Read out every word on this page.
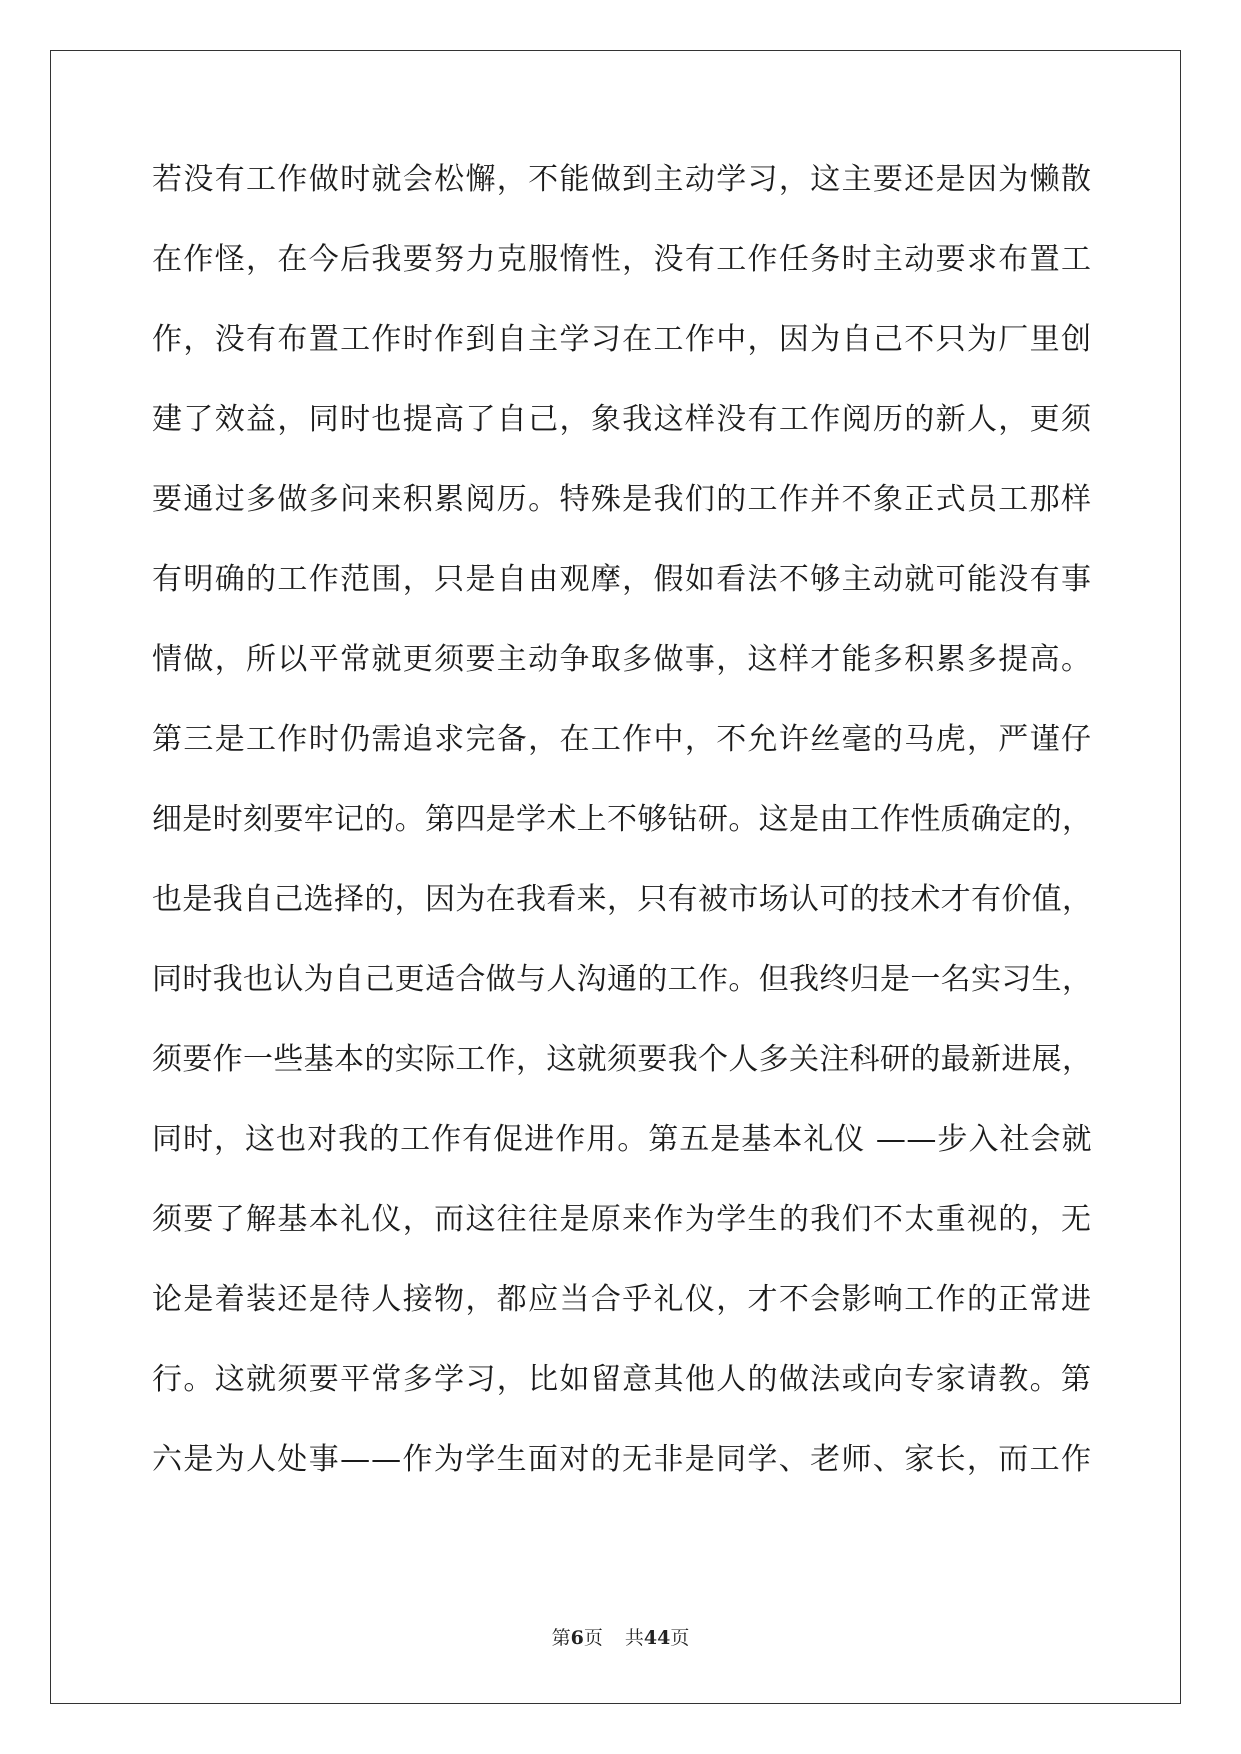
若没有工作做时就会松懈，不能做到主动学习，这主要还是因为懒散
在作怪，在今后我要努力克服惰性，没有工作任务时主动要求布置工
作，没有布置工作时作到自主学习在工作中，因为自己不只为厂里创
建了效益，同时也提高了自己，象我这样没有工作阅历的新人，更须
要通过多做多问来积累阅历。特殊是我们的工作并不象正式员工那样
有明确的工作范围，只是自由观摩，假如看法不够主动就可能没有事
情做，所以平常就更须要主动争取多做事，这样才能多积累多提高。
第三是工作时仍需追求完备，在工作中，不允许丝毫的马虎，严谨仔
细是时刻要牢记的。第四是学术上不够钻研。这是由工作性质确定的，
也是我自己选择的，因为在我看来，只有被市场认可的技术才有价值，
同时我也认为自己更适合做与人沟通的工作。但我终归是一名实习生，
须要作一些基本的实际工作，这就须要我个人多关注科研的最新进展，
同时，这也对我的工作有促进作用。第五是基本礼仪 ——步入社会就
须要了解基本礼仪，而这往往是原来作为学生的我们不太重视的，无
论是着装还是待人接物，都应当合乎礼仪，才不会影响工作的正常进
行。这就须要平常多学习，比如留意其他人的做法或向专家请教。第
六是为人处事——作为学生面对的无非是同学、老师、家长，而工作
第6页 共44页
